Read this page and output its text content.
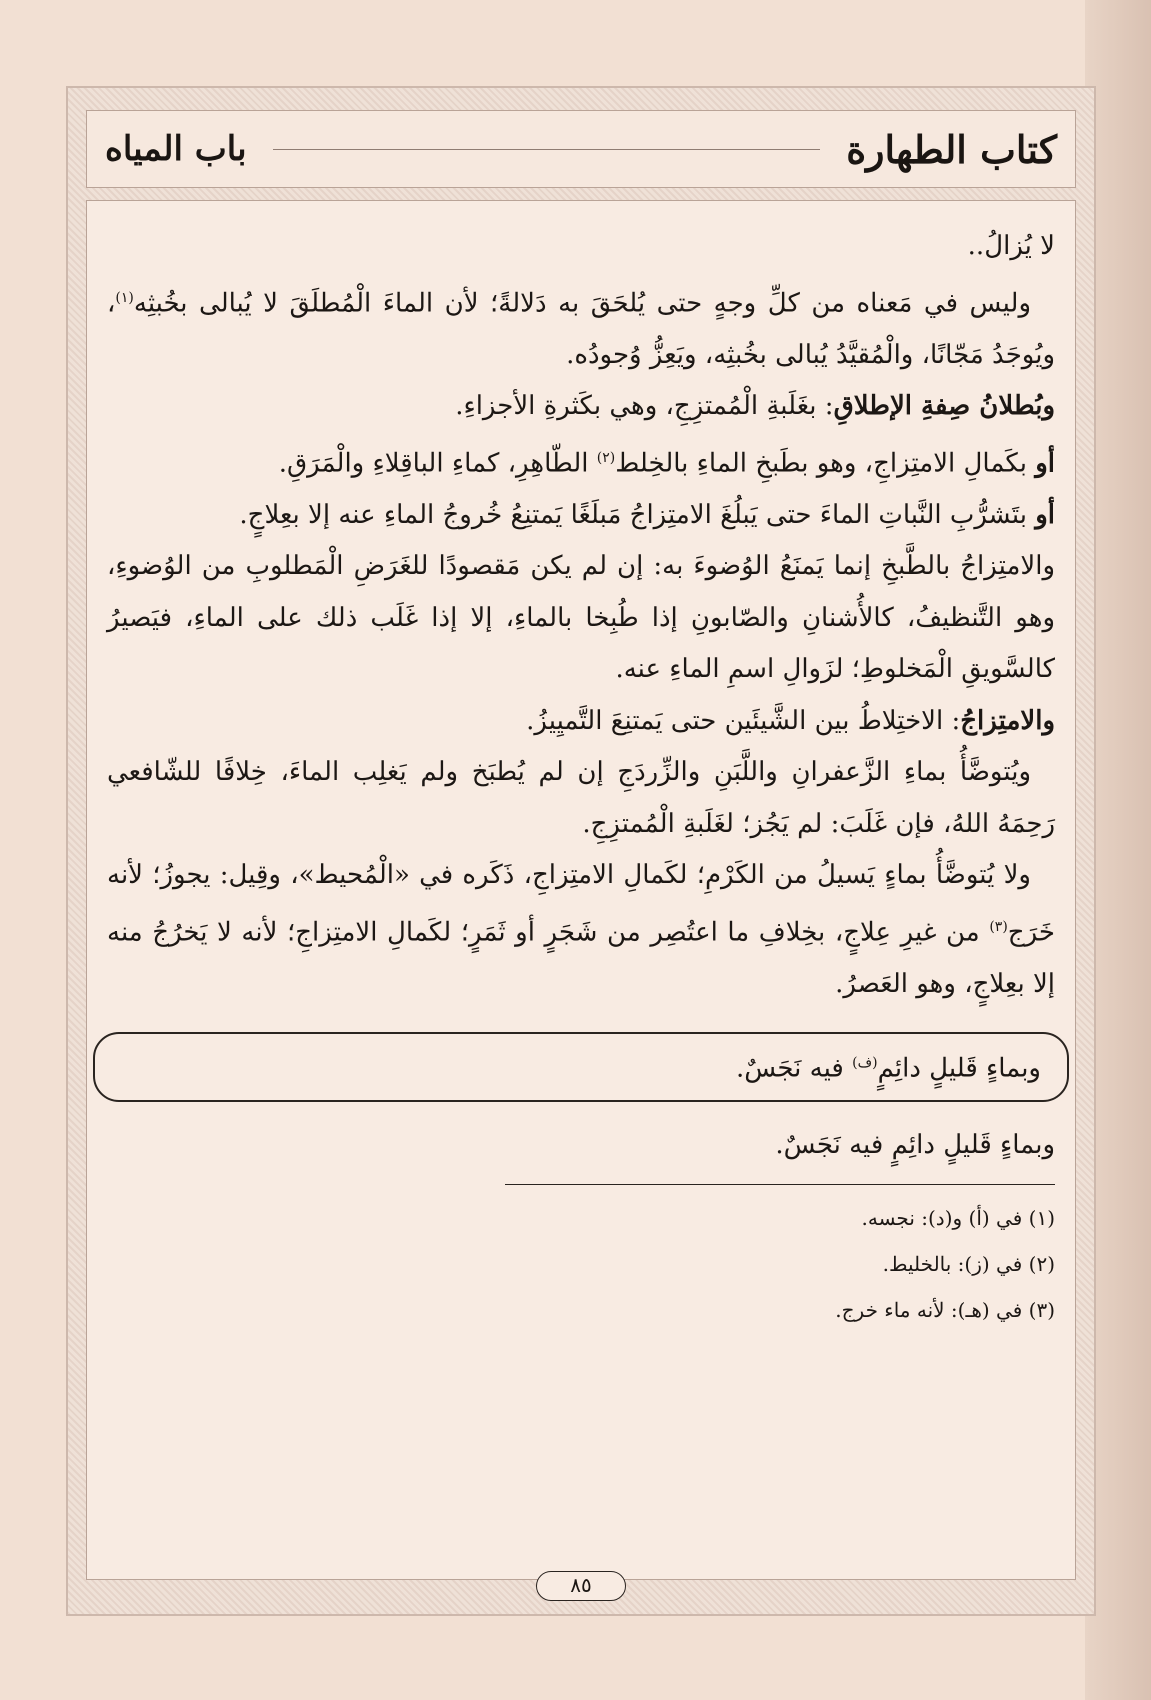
باب المياه	كتاب الطهارة

لا يُزالُ..

وليس في مَعناه من كلِّ وجهٍ حتى يُلحَقَ به دَلالةً؛ لأن الماءَ الْمُطلَقَ لا يُبالى بخُبثِه$^{(١)}$، ويُوجَدُ مَجّانًا، والْمُقيَّدُ يُبالى بخُبثِه، ويَعِزُّ وُجودُه.

وبُطلانُ صِفةِ الإطلاقِ: بغَلَبةِ الْمُمتزِجِ، وهي بكَثرةِ الأجزاءِ.

أو بكَمالِ الامتِزاجِ، وهو بطَبخِ الماءِ بالخِلط$^{(٢)}$ الطّاهِرِ، كماءِ الباقِلاءِ والْمَرَقِ.

أو بتَشرُّبِ النَّباتِ الماءَ حتى يَبلُغَ الامتِزاجُ مَبلَغًا يَمتنِعُ خُروجُ الماءِ عنه إلا بعِلاجٍ.

والامتِزاجُ بالطَّبخِ إنما يَمنَعُ الوُضوءَ به: إن لم يكن مَقصودًا للغَرَضِ الْمَطلوبِ من الوُضوءِ، وهو التَّنظيفُ، كالأُشنانِ والصّابونِ إذا طُبِخا بالماءِ، إلا إذا غَلَب ذلك على الماءِ، فيَصيرُ كالسَّويقِ الْمَخلوطِ؛ لزَوالِ اسمِ الماءِ عنه.

والامتِزاجُ: الاختِلاطُ بين الشَّيئَين حتى يَمتنِعَ التَّميِيزُ.

ويُتوضَّأُ بماءِ الزَّعفرانِ واللَّبَنِ والزِّردَجِ إن لم يُطبَخ ولم يَغلِب الماءَ، خِلافًا للشّافعي رَحِمَهُ اللهُ، فإن غَلَبَ: لم يَجُز؛ لغَلَبةِ الْمُمتزِجِ.

ولا يُتوضَّأُ بماءٍ يَسيلُ من الكَرْمِ؛ لكَمالِ الامتِزاجِ، ذَكَره في «الْمُحيط»، وقِيل: يجوزُ؛ لأنه خَرَج$^{(٣)}$ من غيرِ عِلاجٍ، بخِلافِ ما اعتُصِر من شَجَرٍ أو ثَمَرٍ؛ لكَمالِ الامتِزاجِ؛ لأنه لا يَخرُجُ منه إلا بعِلاجٍ، وهو العَصرُ.

وبماءٍ قَليلٍ دائِمٍ$^{(ف)}$ فيه نَجَسٌ.

وبماءٍ قَليلٍ دائِمٍ فيه نَجَسٌ.

(١) في (أ) و(د): نجسه.

(٢) في (ز): بالخليط.

(٣) في (هـ): لأنه ماء خرج.

٨٥
